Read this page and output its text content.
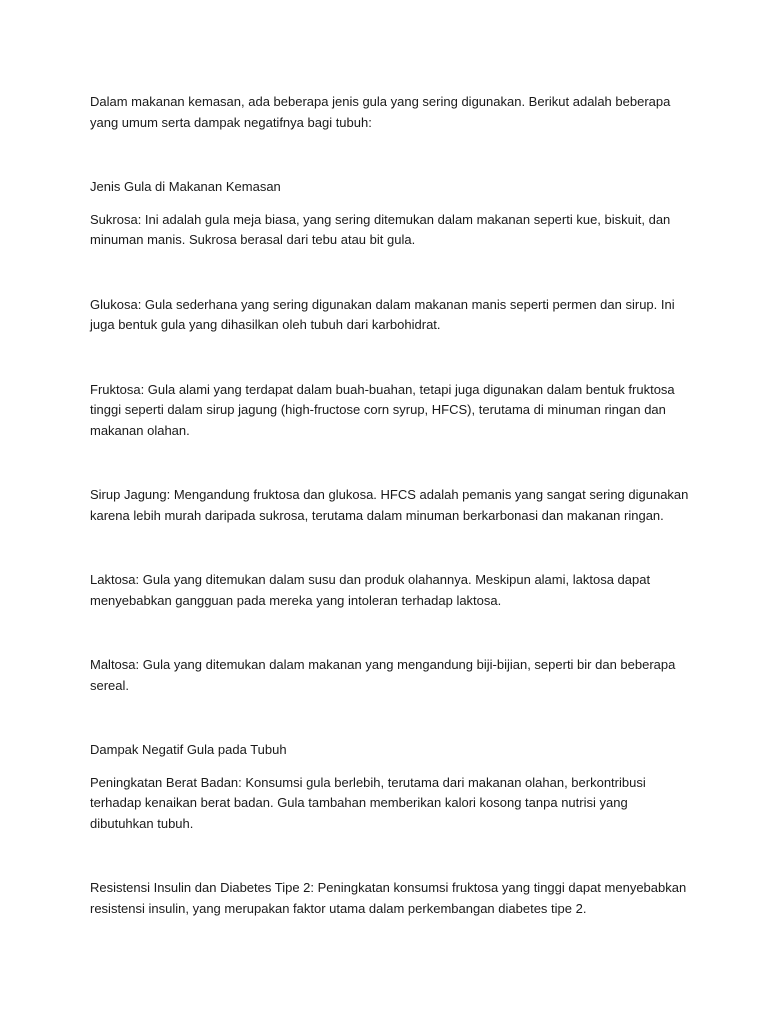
Dalam makanan kemasan, ada beberapa jenis gula yang sering digunakan. Berikut adalah beberapa yang umum serta dampak negatifnya bagi tubuh:

Jenis Gula di Makanan Kemasan

Sukrosa: Ini adalah gula meja biasa, yang sering ditemukan dalam makanan seperti kue, biskuit, dan minuman manis. Sukrosa berasal dari tebu atau bit gula.

Glukosa: Gula sederhana yang sering digunakan dalam makanan manis seperti permen dan sirup. Ini juga bentuk gula yang dihasilkan oleh tubuh dari karbohidrat.

Fruktosa: Gula alami yang terdapat dalam buah-buahan, tetapi juga digunakan dalam bentuk fruktosa tinggi seperti dalam sirup jagung (high-fructose corn syrup, HFCS), terutama di minuman ringan dan makanan olahan.

Sirup Jagung: Mengandung fruktosa dan glukosa. HFCS adalah pemanis yang sangat sering digunakan karena lebih murah daripada sukrosa, terutama dalam minuman berkarbonasi dan makanan ringan.

Laktosa: Gula yang ditemukan dalam susu dan produk olahannya. Meskipun alami, laktosa dapat menyebabkan gangguan pada mereka yang intoleran terhadap laktosa.

Maltosa: Gula yang ditemukan dalam makanan yang mengandung biji-bijian, seperti bir dan beberapa sereal.

Dampak Negatif Gula pada Tubuh

Peningkatan Berat Badan: Konsumsi gula berlebih, terutama dari makanan olahan, berkontribusi terhadap kenaikan berat badan. Gula tambahan memberikan kalori kosong tanpa nutrisi yang dibutuhkan tubuh.

Resistensi Insulin dan Diabetes Tipe 2: Peningkatan konsumsi fruktosa yang tinggi dapat menyebabkan resistensi insulin, yang merupakan faktor utama dalam perkembangan diabetes tipe 2.
